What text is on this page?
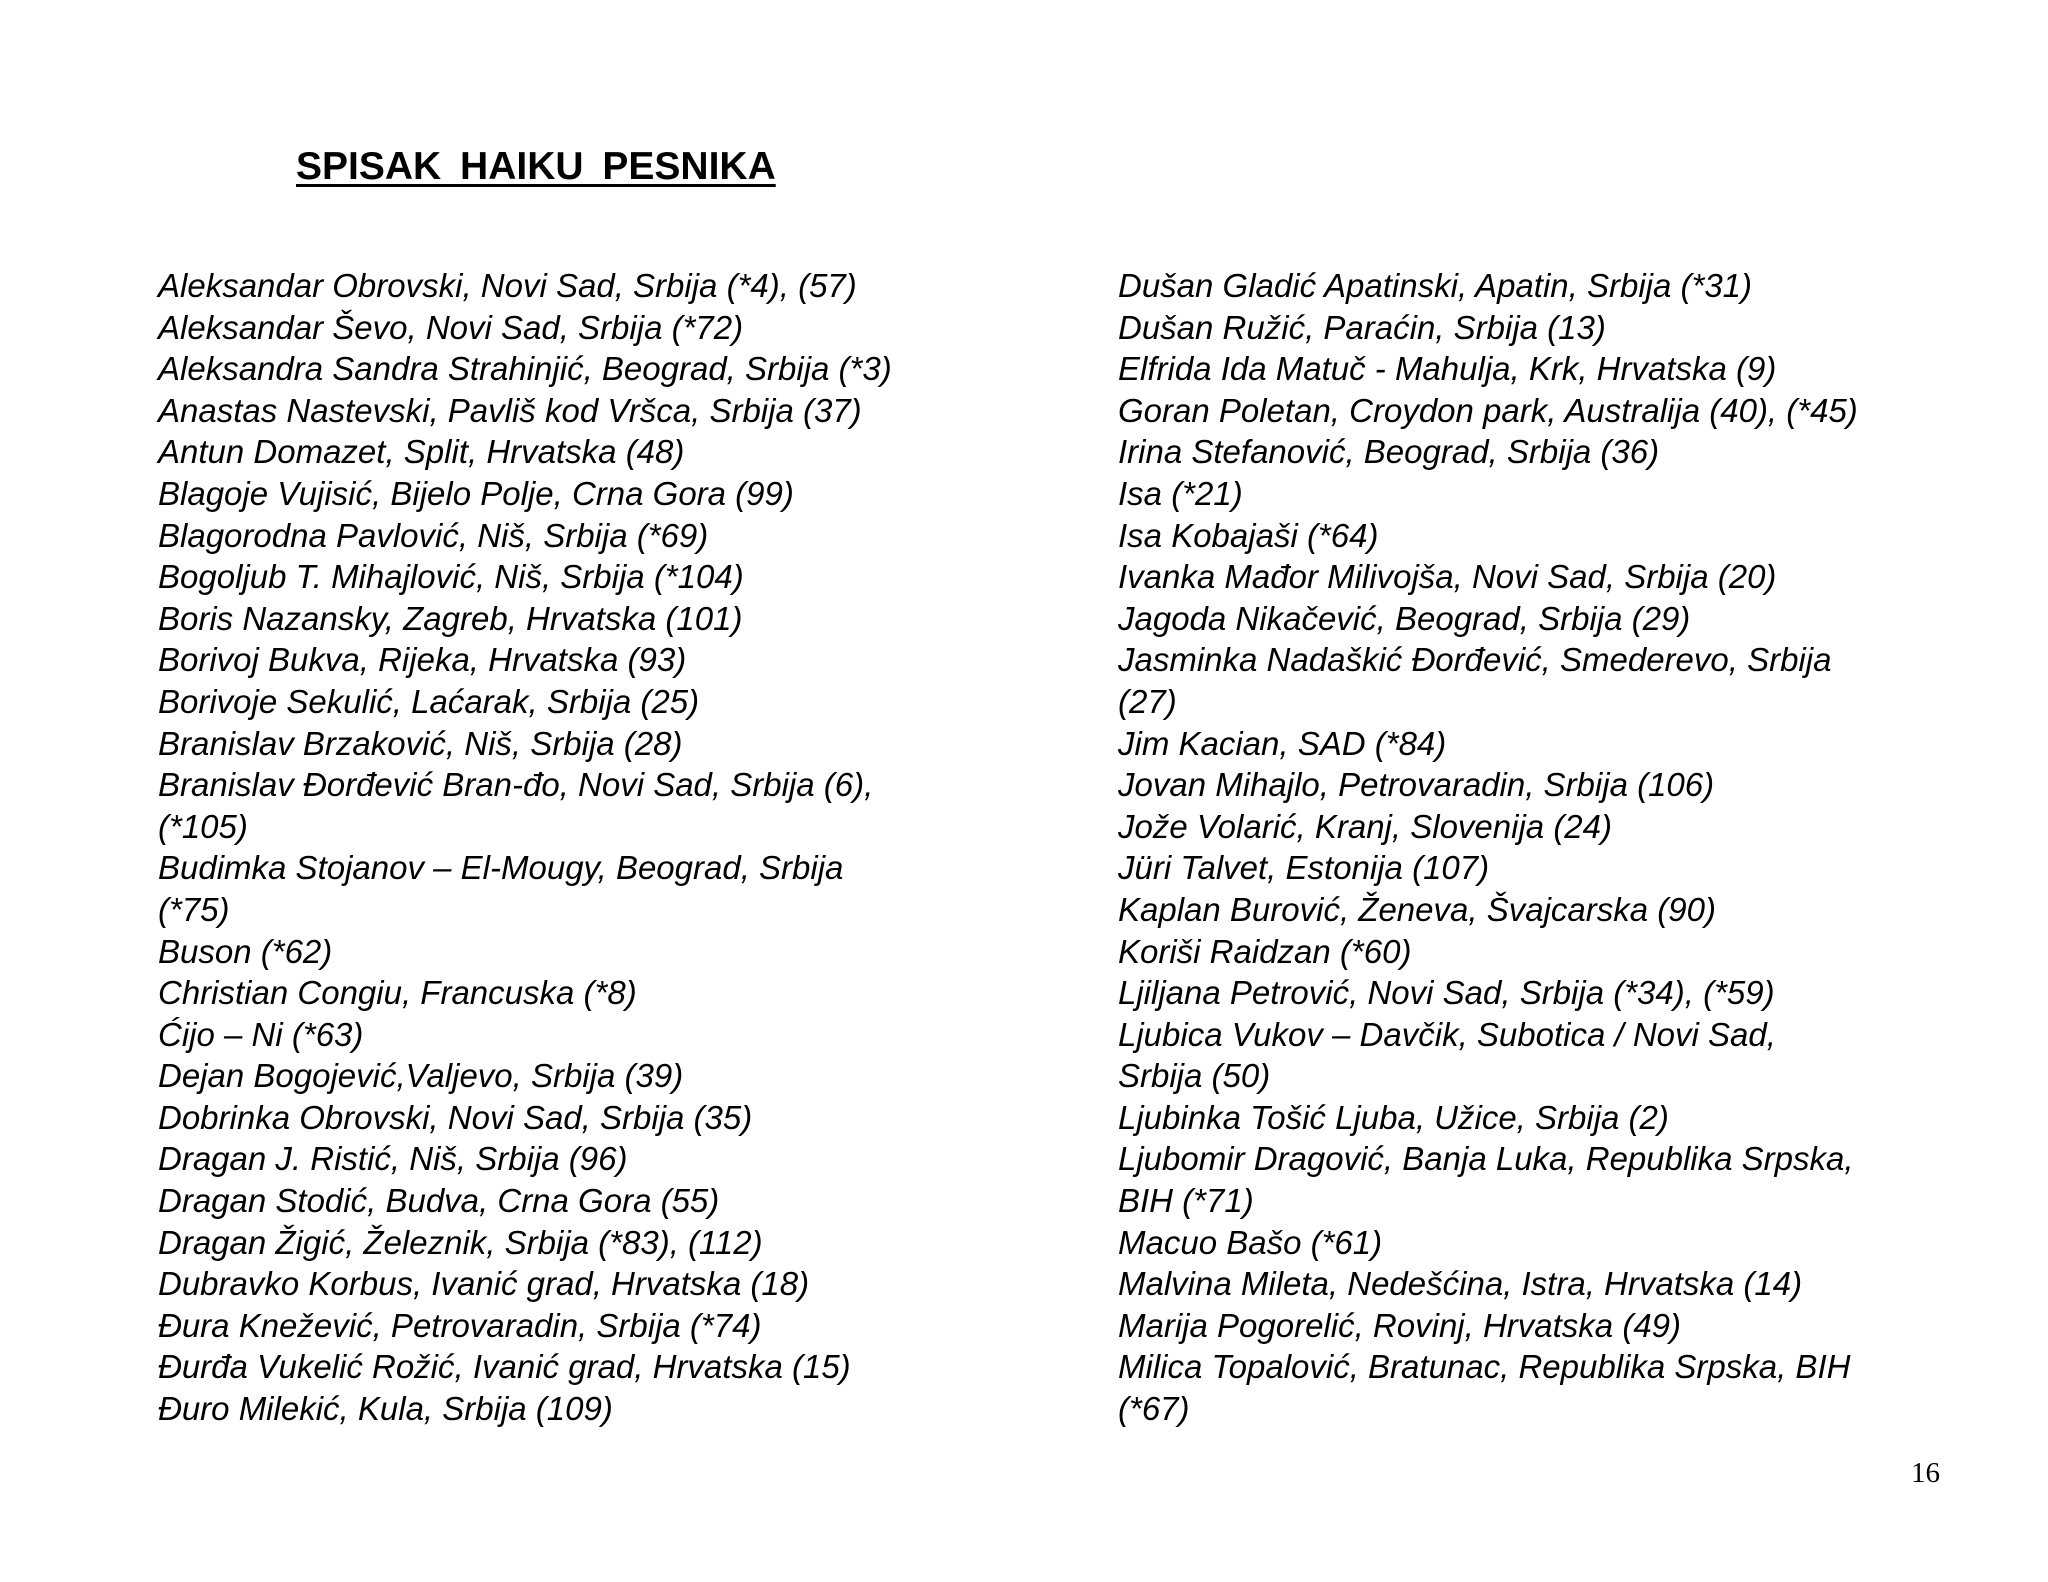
SPISAK HAIKU PESNIKA
Aleksandar Obrovski, Novi Sad, Srbija (*4), (57)
Aleksandar Ševo, Novi Sad, Srbija (*72)
Aleksandra Sandra Strahinjić, Beograd, Srbija (*3)
Anastas Nastevski, Pavliš kod Vršca, Srbija (37)
Antun Domazet, Split, Hrvatska (48)
Blagoje Vujisić, Bijelo Polje, Crna Gora (99)
Blagorodna Pavlović, Niš, Srbija (*69)
Bogoljub T. Mihajlović, Niš, Srbija (*104)
Boris Nazansky, Zagreb, Hrvatska (101)
Borivoj Bukva, Rijeka, Hrvatska (93)
Borivoje Sekulić, Laćarak, Srbija (25)
Branislav Brzaković, Niš, Srbija (28)
Branislav Đorđević Bran-đo, Novi Sad, Srbija (6),
(*105)
Budimka Stojanov – El-Mougy, Beograd, Srbija
(*75)
Buson (*62)
Christian Congiu, Francuska (*8)
Ćijo – Ni (*63)
Dejan Bogojević,Valjevo, Srbija (39)
Dobrinka Obrovski, Novi Sad, Srbija (35)
Dragan J. Ristić, Niš, Srbija (96)
Dragan Stodić, Budva, Crna Gora (55)
Dragan Žigić, Železnik, Srbija (*83), (112)
Dubravko Korbus, Ivanić grad, Hrvatska (18)
Đura Knežević, Petrovaradin, Srbija (*74)
Đurđa Vukelić Rožić, Ivanić grad, Hrvatska (15)
Đuro Milekić, Kula, Srbija (109)
Dušan Gladić Apatinski, Apatin, Srbija (*31)
Dušan Ružić, Paraćin, Srbija (13)
Elfrida Ida Matuč - Mahulja, Krk, Hrvatska (9)
Goran Poletan, Croydon park, Australija (40), (*45)
Irina Stefanović, Beograd, Srbija (36)
Isa (*21)
Isa Kobajaši (*64)
Ivanka Mađor Milivojša, Novi Sad, Srbija (20)
Jagoda Nikačević, Beograd, Srbija (29)
Jasminka Nadaškić Đorđević, Smederevo, Srbija
(27)
Jim Kacian, SAD (*84)
Jovan Mihajlo, Petrovaradin, Srbija (106)
Jože Volarić, Kranj, Slovenija (24)
Jüri Talvet, Estonija (107)
Kaplan Burović, Ženeva, Švajcarska (90)
Koriši Raidzan (*60)
Ljiljana Petrović, Novi Sad, Srbija (*34), (*59)
Ljubica Vukov – Davčik, Subotica / Novi Sad,
Srbija (50)
Ljubinka Tošić Ljuba, Užice, Srbija (2)
Ljubomir Dragović, Banja Luka, Republika Srpska,
BIH (*71)
Macuo Bašo (*61)
Malvina Mileta, Nedešćina, Istra, Hrvatska (14)
Marija Pogorelić, Rovinj, Hrvatska (49)
Milica Topalović, Bratunac, Republika Srpska, BIH
(*67)
16
